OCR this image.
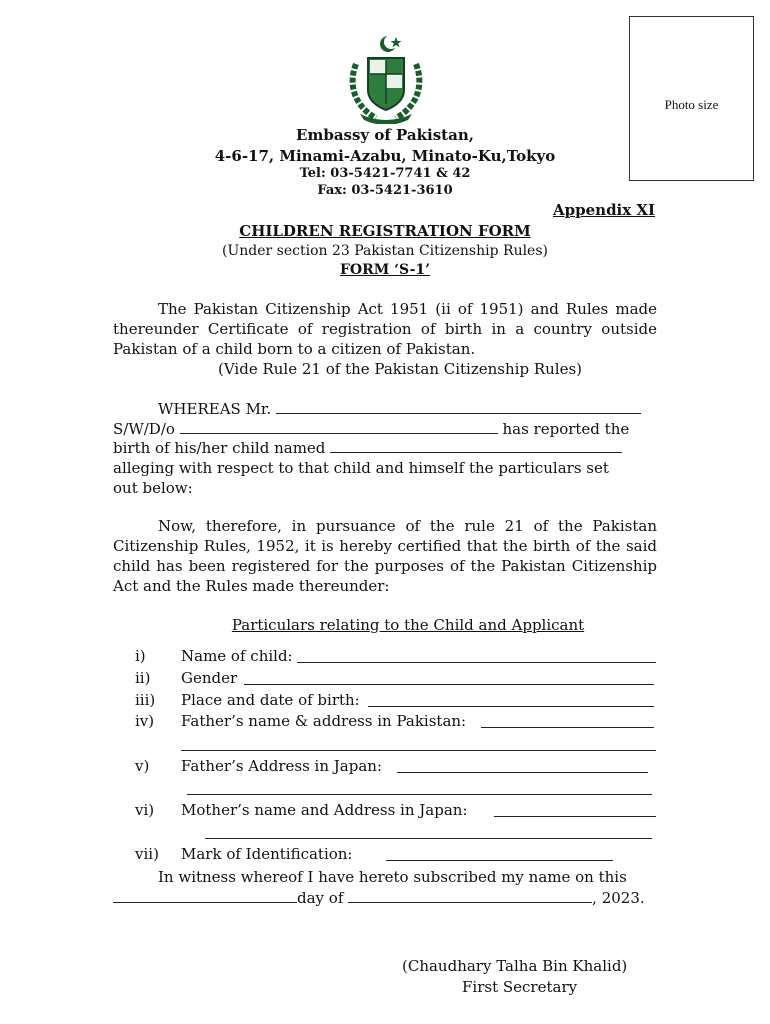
Photo size
Embassy of Pakistan,
4-6-17, Minami-Azabu, Minato-Ku,Tokyo
Tel: 03-5421-7741 & 42
Fax: 03-5421-3610
Appendix XI
CHILDREN REGISTRATION FORM
(Under section 23 Pakistan Citizenship Rules)
FORM ‘S-1’
The Pakistan Citizenship Act 1951 (ii of 1951) and Rules made thereunder Certificate of registration of birth in a country outside Pakistan of a child born to a citizen of Pakistan.
(Vide Rule 21 of the Pakistan Citizenship Rules)
WHEREAS Mr.
S/W/D/o	has reported the
birth of his/her child named
alleging with respect to that child and himself the particulars set
out below:
Now, therefore, in pursuance of the rule 21 of the Pakistan Citizenship Rules, 1952, it is hereby certified that the birth of the said child has been registered for the purposes of the Pakistan Citizenship Act and the Rules made thereunder:
Particulars relating to the Child and Applicant
i) Name of child:
ii) Gender
iii) Place and date of birth:
iv) Father’s name & address in Pakistan:
v) Father’s Address in Japan:
vi) Mother’s name and Address in Japan:
vii) Mark of Identification:
In witness whereof I have hereto subscribed my name on this
day of	, 2023.
(Chaudhary Talha Bin Khalid)
First Secretary
